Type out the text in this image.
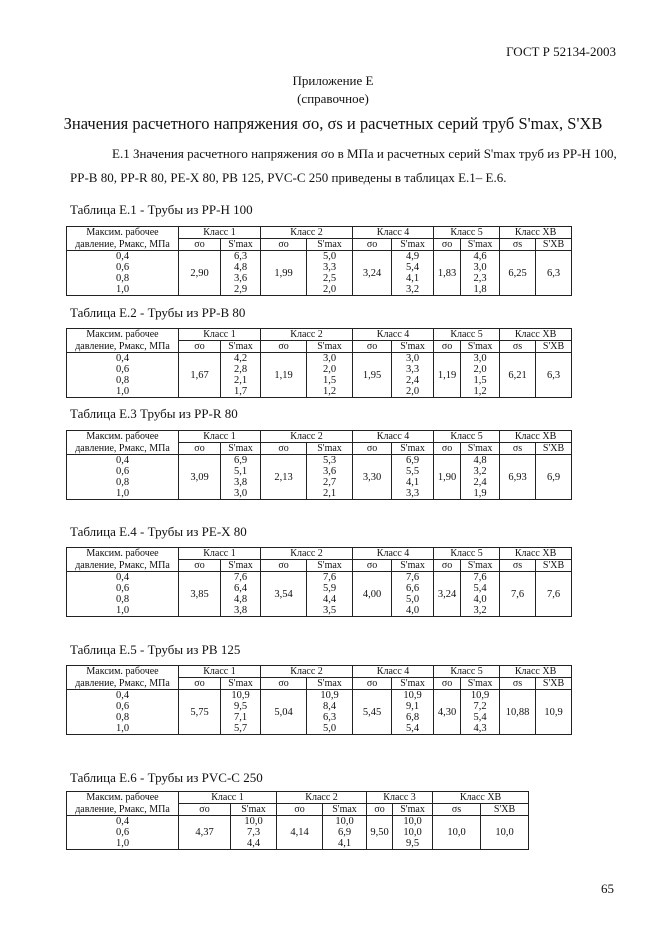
ГОСТ Р 52134-2003
Приложение Е
(справочное)
Значения расчетного напряжения σо, σs и расчетных серий труб S'max, S'XB
Е.1 Значения расчетного напряжения σо в МПа и расчетных серий S'max труб из PP-H 100, PP-B 80, PP-R 80, PE-X 80, PB 125, PVC-C 250 приведены в таблицах Е.1– Е.6.
Таблица Е.1 - Трубы из PP-H 100
Максим. рабочее	Класс 1		Класс 2		Класс 4		Класс 5		Класс ХВ	
давление, Рмакс, МПа	σо	S'max	σо	S'max	σо	S'max	σо	S'max	σs	S'XB
0,4	2,90	6,3	1,99	5,0	3,24	4,9	1,83	4,6	6,25	6,3
0,6		4,8		3,3		5,4		3,0		
0,8		3,6		2,5		4,1		2,3		
1,0		2,9		2,0		3,2		1,8		
Таблица Е.2 - Трубы из PP-B 80
Максим. рабочее	Класс 1		Класс 2		Класс 4		Класс 5		Класс ХВ	
давление, Рмакс, МПа	σо	S'max	σо	S'max	σо	S'max	σо	S'max	σs	S'XB
0,4	1,67	4,2	1,19	3,0	1,95	3,0	1,19	3,0	6,21	6,3
0,6		2,8		2,0		3,3		2,0		
0,8		2,1		1,5		2,4		1,5		
1,0		1,7		1,2		2,0		1,2		
Таблица Е.3 Трубы из PP-R 80
Максим. рабочее	Класс 1		Класс 2		Класс 4		Класс 5		Класс ХВ	
давление, Рмакс, МПа	σо	S'max	σо	S'max	σо	S'max	σо	S'max	σs	S'XB
0,4	3,09	6,9	2,13	5,3	3,30	6,9	1,90	4,8	6,93	6,9
0,6		5,1		3,6		5,5		3,2		
0,8		3,8		2,7		4,1		2,4		
1,0		3,0		2,1		3,3		1,9		
Таблица Е.4 - Трубы из PE-X 80
Максим. рабочее	Класс 1		Класс 2		Класс 4		Класс 5		Класс ХВ	
давление, Рмакс, МПа	σо	S'max	σо	S'max	σо	S'max	σо	S'max	σs	S'XB
0,4	3,85	7,6	3,54	7,6	4,00	7,6	3,24	7,6	7,6	7,6
0,6		6,4		5,9		6,6		5,4		
0,8		4,8		4,4		5,0		4,0		
1,0		3,8		3,5		4,0		3,2		
Таблица Е.5 - Трубы из PB 125
Максим. рабочее	Класс 1		Класс 2		Класс 4		Класс 5		Класс ХВ	
давление, Рмакс, МПа	σо	S'max	σо	S'max	σо	S'max	σо	S'max	σs	S'XB
0,4	5,75	10,9	5,04	10,9	5,45	10,9	4,30	10,9	10,88	10,9
0,6		9,5		8,4		9,1		7,2		
0,8		7,1		6,3		6,8		5,4		
1,0		5,7		5,0		5,4		4,3		
Таблица Е.6 - Трубы из PVC-C 250
Максим. рабочее	Класс 1		Класс 2		Класс 3		Класс ХВ	
давление, Рмакс, МПа	σо	S'max	σо	S'max	σо	S'max	σs	S'XB
0,4	4,37	10,0	4,14	10,0	9,50	10,0	10,0	10,0
0,6		7,3		6,9		10,0		
1,0		4,4		4,1		9,5		
65
